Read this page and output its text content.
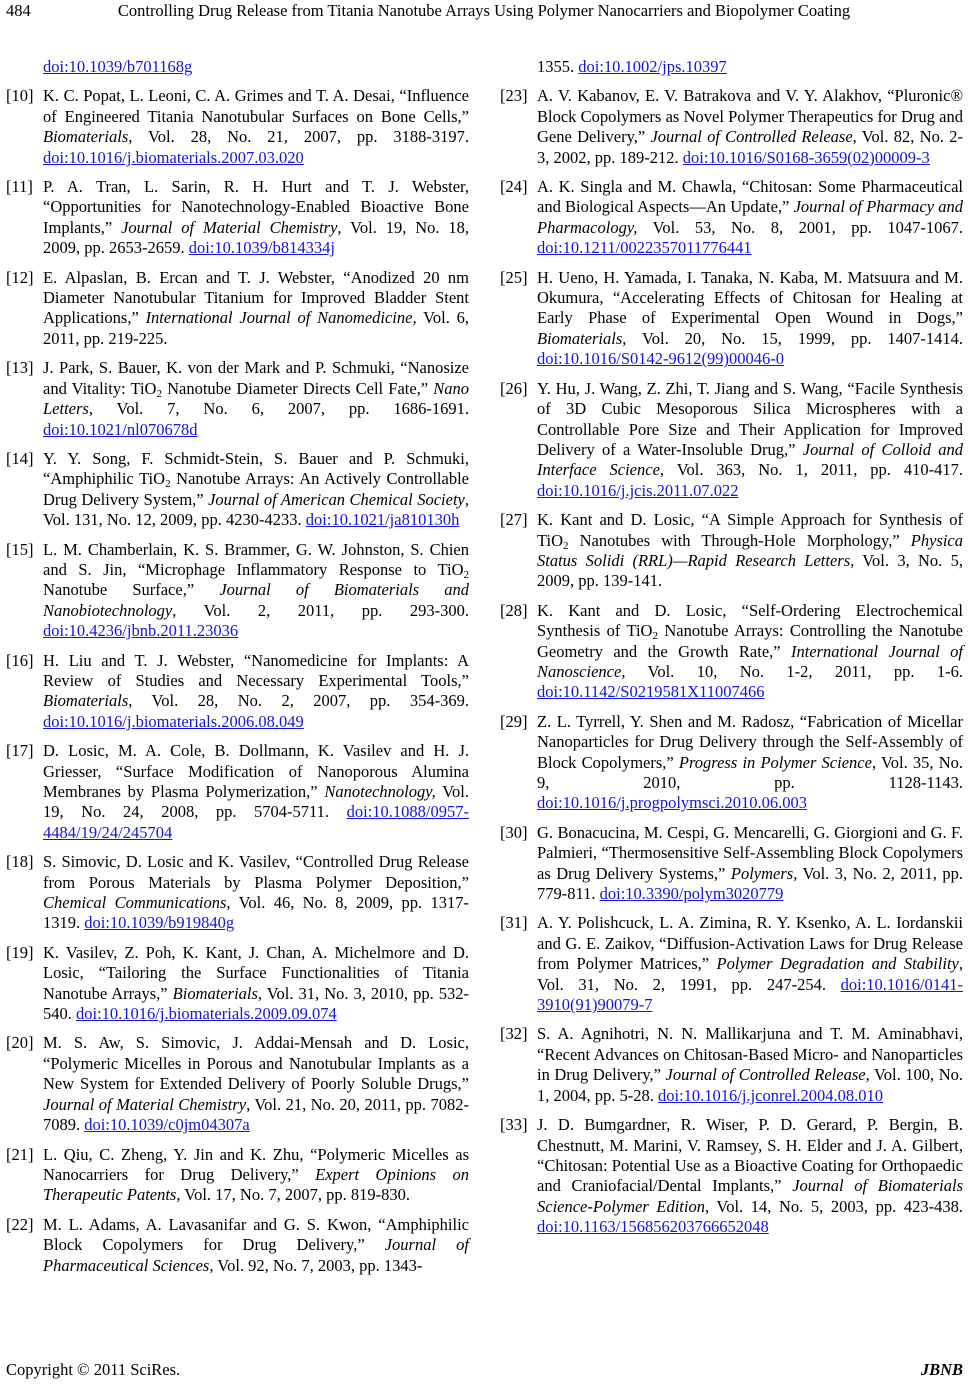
484	Controlling Drug Release from Titania Nanotube Arrays Using Polymer Nanocarriers and Biopolymer Coating
doi:10.1039/b701168g
[10] K. C. Popat, L. Leoni, C. A. Grimes and T. A. Desai, “Influence of Engineered Titania Nanotubular Surfaces on Bone Cells,” Biomaterials, Vol. 28, No. 21, 2007, pp. 3188-3197. doi:10.1016/j.biomaterials.2007.03.020
[11] P. A. Tran, L. Sarin, R. H. Hurt and T. J. Webster, “Opportunities for Nanotechnology-Enabled Bioactive Bone Implants,” Journal of Material Chemistry, Vol. 19, No. 18, 2009, pp. 2653-2659. doi:10.1039/b814334j
[12] E. Alpaslan, B. Ercan and T. J. Webster, “Anodized 20 nm Diameter Nanotubular Titanium for Improved Bladder Stent Applications,” International Journal of Nanomedicine, Vol. 6, 2011, pp. 219-225.
[13] J. Park, S. Bauer, K. von der Mark and P. Schmuki, “Nanosize and Vitality: TiO$_2$ Nanotube Diameter Directs Cell Fate,” Nano Letters, Vol. 7, No. 6, 2007, pp. 1686-1691. doi:10.1021/nl070678d
[14] Y. Y. Song, F. Schmidt-Stein, S. Bauer and P. Schmuki, “Amphiphilic TiO$_2$ Nanotube Arrays: An Actively Controllable Drug Delivery System,” Journal of American Chemical Society, Vol. 131, No. 12, 2009, pp. 4230-4233. doi:10.1021/ja810130h
[15] L. M. Chamberlain, K. S. Brammer, G. W. Johnston, S. Chien and S. Jin, “Microphage Inflammatory Response to TiO$_2$ Nanotube Surface,” Journal of Biomaterials and Nanobiotechnology, Vol. 2, 2011, pp. 293-300. doi:10.4236/jbnb.2011.23036
[16] H. Liu and T. J. Webster, “Nanomedicine for Implants: A Review of Studies and Necessary Experimental Tools,” Biomaterials, Vol. 28, No. 2, 2007, pp. 354-369. doi:10.1016/j.biomaterials.2006.08.049
[17] D. Losic, M. A. Cole, B. Dollmann, K. Vasilev and H. J. Griesser, “Surface Modification of Nanoporous Alumina Membranes by Plasma Polymerization,” Nanotechnology, Vol. 19, No. 24, 2008, pp. 5704-5711. doi:10.1088/0957-4484/19/24/245704
[18] S. Simovic, D. Losic and K. Vasilev, “Controlled Drug Release from Porous Materials by Plasma Polymer Deposition,” Chemical Communications, Vol. 46, No. 8, 2009, pp. 1317-1319. doi:10.1039/b919840g
[19] K. Vasilev, Z. Poh, K. Kant, J. Chan, A. Michelmore and D. Losic, “Tailoring the Surface Functionalities of Titania Nanotube Arrays,” Biomaterials, Vol. 31, No. 3, 2010, pp. 532-540. doi:10.1016/j.biomaterials.2009.09.074
[20] M. S. Aw, S. Simovic, J. Addai-Mensah and D. Losic, “Polymeric Micelles in Porous and Nanotubular Implants as a New System for Extended Delivery of Poorly Soluble Drugs,” Journal of Material Chemistry, Vol. 21, No. 20, 2011, pp. 7082-7089. doi:10.1039/c0jm04307a
[21] L. Qiu, C. Zheng, Y. Jin and K. Zhu, “Polymeric Micelles as Nanocarriers for Drug Delivery,” Expert Opinions on Therapeutic Patents, Vol. 17, No. 7, 2007, pp. 819-830.
[22] M. L. Adams, A. Lavasanifar and G. S. Kwon, “Amphiphilic Block Copolymers for Drug Delivery,” Journal of Pharmaceutical Sciences, Vol. 92, No. 7, 2003, pp. 1343-
1355. doi:10.1002/jps.10397
[23] A. V. Kabanov, E. V. Batrakova and V. Y. Alakhov, “Pluronic® Block Copolymers as Novel Polymer Therapeutics for Drug and Gene Delivery,” Journal of Controlled Release, Vol. 82, No. 2-3, 2002, pp. 189-212. doi:10.1016/S0168-3659(02)00009-3
[24] A. K. Singla and M. Chawla, “Chitosan: Some Pharmaceutical and Biological Aspects—An Update,” Journal of Pharmacy and Pharmacology, Vol. 53, No. 8, 2001, pp. 1047-1067. doi:10.1211/0022357011776441
[25] H. Ueno, H. Yamada, I. Tanaka, N. Kaba, M. Matsuura and M. Okumura, “Accelerating Effects of Chitosan for Healing at Early Phase of Experimental Open Wound in Dogs,” Biomaterials, Vol. 20, No. 15, 1999, pp. 1407-1414. doi:10.1016/S0142-9612(99)00046-0
[26] Y. Hu, J. Wang, Z. Zhi, T. Jiang and S. Wang, “Facile Synthesis of 3D Cubic Mesoporous Silica Microspheres with a Controllable Pore Size and Their Application for Improved Delivery of a Water-Insoluble Drug,” Journal of Colloid and Interface Science, Vol. 363, No. 1, 2011, pp. 410-417. doi:10.1016/j.jcis.2011.07.022
[27] K. Kant and D. Losic, “A Simple Approach for Synthesis of TiO$_2$ Nanotubes with Through-Hole Morphology,” Physica Status Solidi (RRL)—Rapid Research Letters, Vol. 3, No. 5, 2009, pp. 139-141.
[28] K. Kant and D. Losic, “Self-Ordering Electrochemical Synthesis of TiO$_2$ Nanotube Arrays: Controlling the Nanotube Geometry and the Growth Rate,” International Journal of Nanoscience, Vol. 10, No. 1-2, 2011, pp. 1-6. doi:10.1142/S0219581X11007466
[29] Z. L. Tyrrell, Y. Shen and M. Radosz, “Fabrication of Micellar Nanoparticles for Drug Delivery through the Self-Assembly of Block Copolymers,” Progress in Polymer Science, Vol. 35, No. 9, 2010, pp. 1128-1143. doi:10.1016/j.progpolymsci.2010.06.003
[30] G. Bonacucina, M. Cespi, G. Mencarelli, G. Giorgioni and G. F. Palmieri, “Thermosensitive Self-Assembling Block Copolymers as Drug Delivery Systems,” Polymers, Vol. 3, No. 2, 2011, pp. 779-811. doi:10.3390/polym3020779
[31] A. Y. Polishcuck, L. A. Zimina, R. Y. Ksenko, A. L. Iordanskii and G. E. Zaikov, “Diffusion-Activation Laws for Drug Release from Polymer Matrices,” Polymer Degradation and Stability, Vol. 31, No. 2, 1991, pp. 247-254. doi:10.1016/0141-3910(91)90079-7
[32] S. A. Agnihotri, N. N. Mallikarjuna and T. M. Aminabhavi, “Recent Advances on Chitosan-Based Micro- and Nanoparticles in Drug Delivery,” Journal of Controlled Release, Vol. 100, No. 1, 2004, pp. 5-28. doi:10.1016/j.jconrel.2004.08.010
[33] J. D. Bumgardner, R. Wiser, P. D. Gerard, P. Bergin, B. Chestnutt, M. Marini, V. Ramsey, S. H. Elder and J. A. Gilbert, “Chitosan: Potential Use as a Bioactive Coating for Orthopaedic and Craniofacial/Dental Implants,” Journal of Biomaterials Science-Polymer Edition, Vol. 14, No. 5, 2003, pp. 423-438. doi:10.1163/156856203766652048
Copyright © 2011 SciRes.	JBNB
